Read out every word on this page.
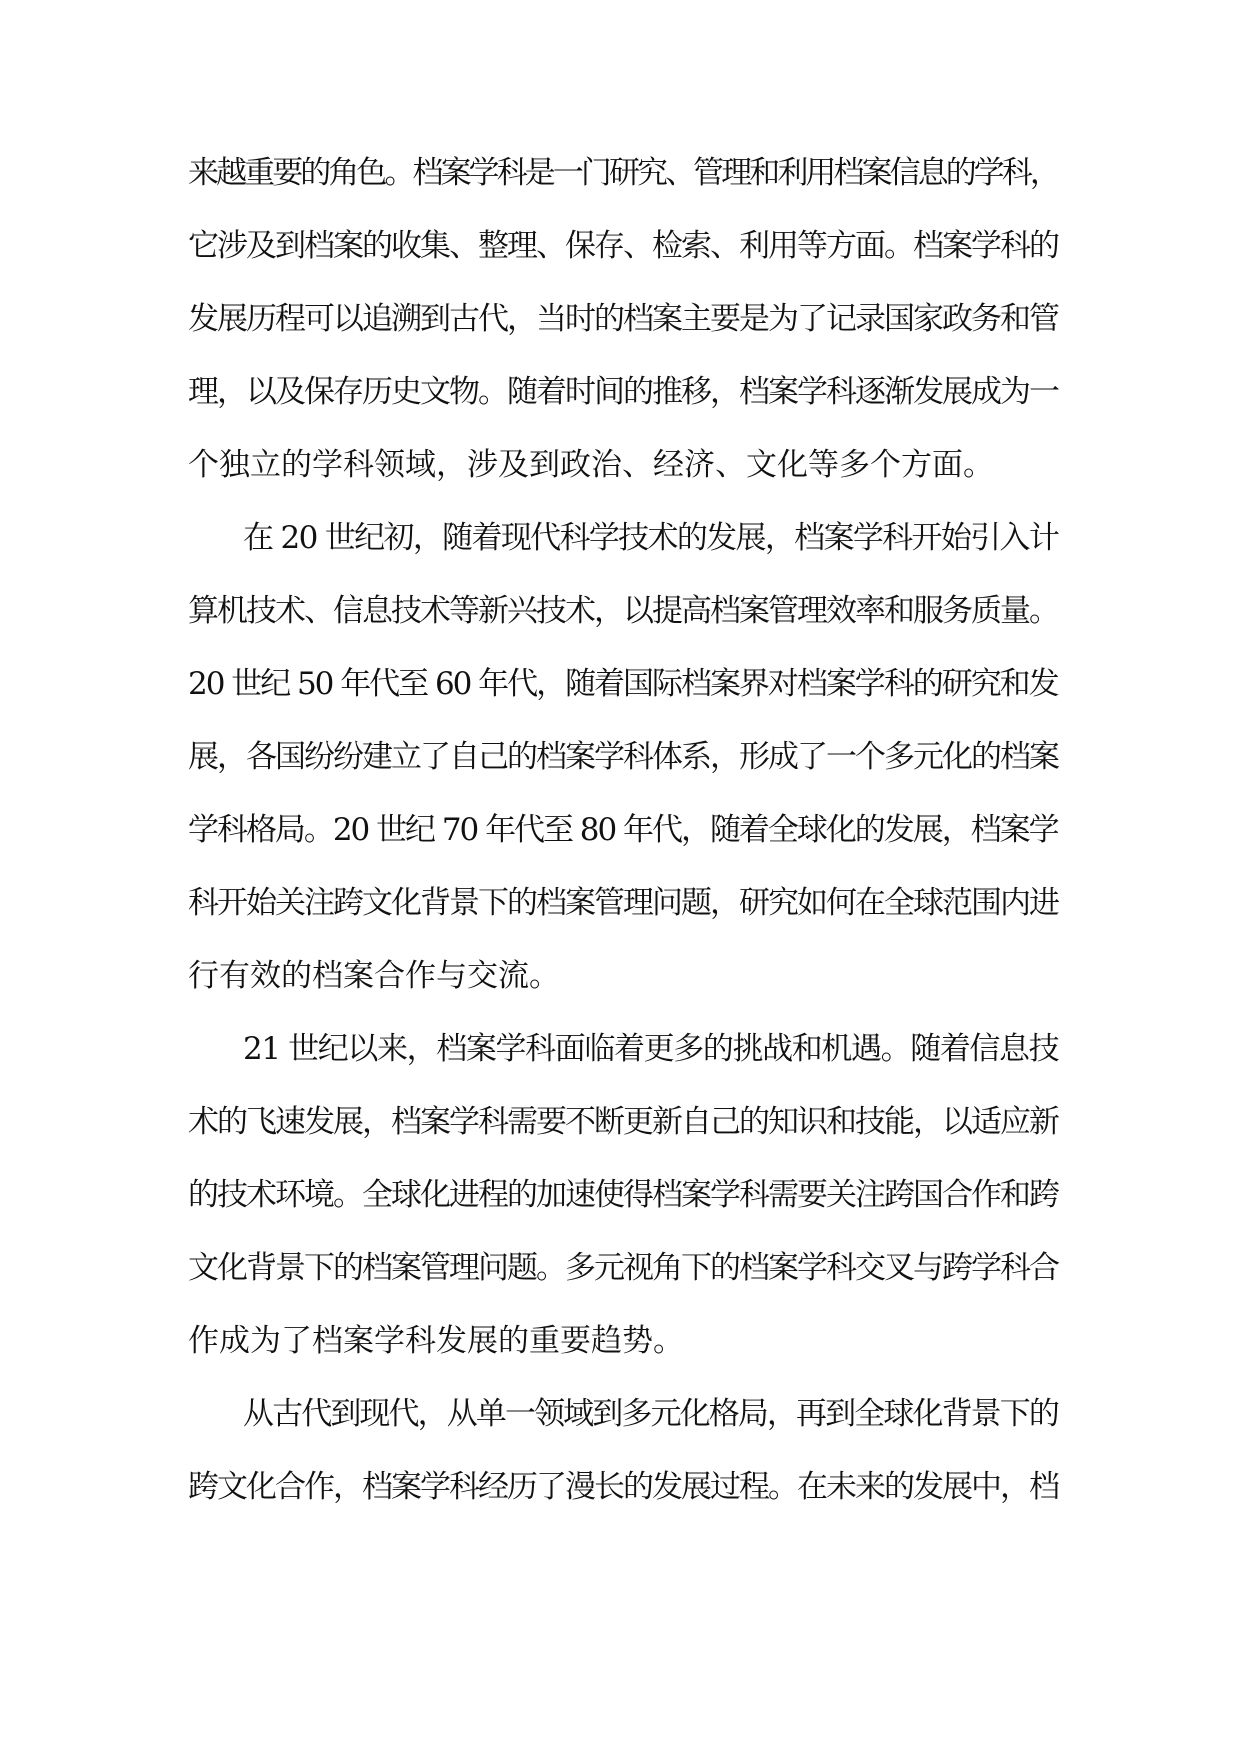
来越重要的角色。档案学科是一门研究、管理和利用档案信息的学科，
它涉及到档案的收集、整理、保存、检索、利用等方面。档案学科的
发展历程可以追溯到古代，当时的档案主要是为了记录国家政务和管
理，以及保存历史文物。随着时间的推移，档案学科逐渐发展成为一
个独立的学科领域，涉及到政治、经济、文化等多个方面。
在 20 世纪初，随着现代科学技术的发展，档案学科开始引入计
算机技术、信息技术等新兴技术，以提高档案管理效率和服务质量。
20 世纪 50 年代至 60 年代，随着国际档案界对档案学科的研究和发
展，各国纷纷建立了自己的档案学科体系，形成了一个多元化的档案
学科格局。20 世纪 70 年代至 80 年代，随着全球化的发展，档案学
科开始关注跨文化背景下的档案管理问题，研究如何在全球范围内进
行有效的档案合作与交流。
21 世纪以来，档案学科面临着更多的挑战和机遇。随着信息技
术的飞速发展，档案学科需要不断更新自己的知识和技能，以适应新
的技术环境。全球化进程的加速使得档案学科需要关注跨国合作和跨
文化背景下的档案管理问题。多元视角下的档案学科交叉与跨学科合
作成为了档案学科发展的重要趋势。
从古代到现代，从单一领域到多元化格局，再到全球化背景下的
跨文化合作，档案学科经历了漫长的发展过程。在未来的发展中，档
